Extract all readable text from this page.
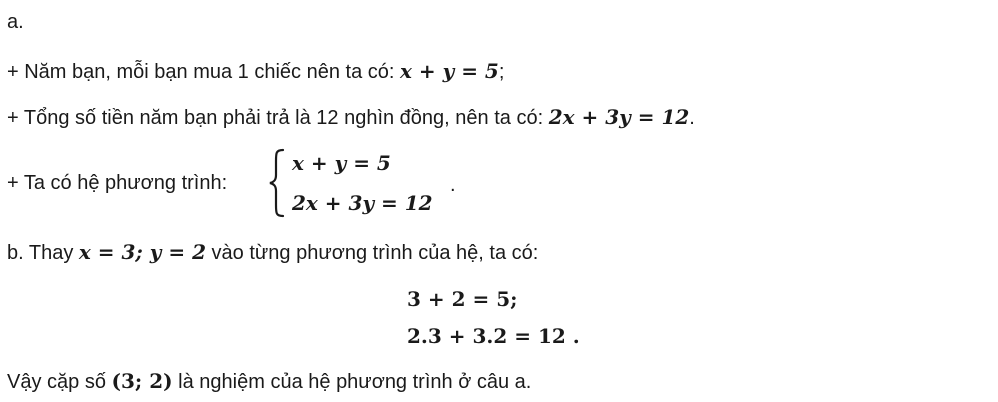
a.
+ Năm bạn, mỗi bạn mua 1 chiếc nên ta có: x + y = 5;
+ Tổng số tiền năm bạn phải trả là 12 nghìn đồng, nên ta có: 2x + 3y = 12.
+ Ta có hệ phương trình:
x + y = 5
2x + 3y = 12
.
b. Thay x = 3; y = 2 vào từng phương trình của hệ, ta có:
3 + 2 = 5;
2.3 + 3.2 = 12 .
Vậy cặp số (3; 2) là nghiệm của hệ phương trình ở câu a.
